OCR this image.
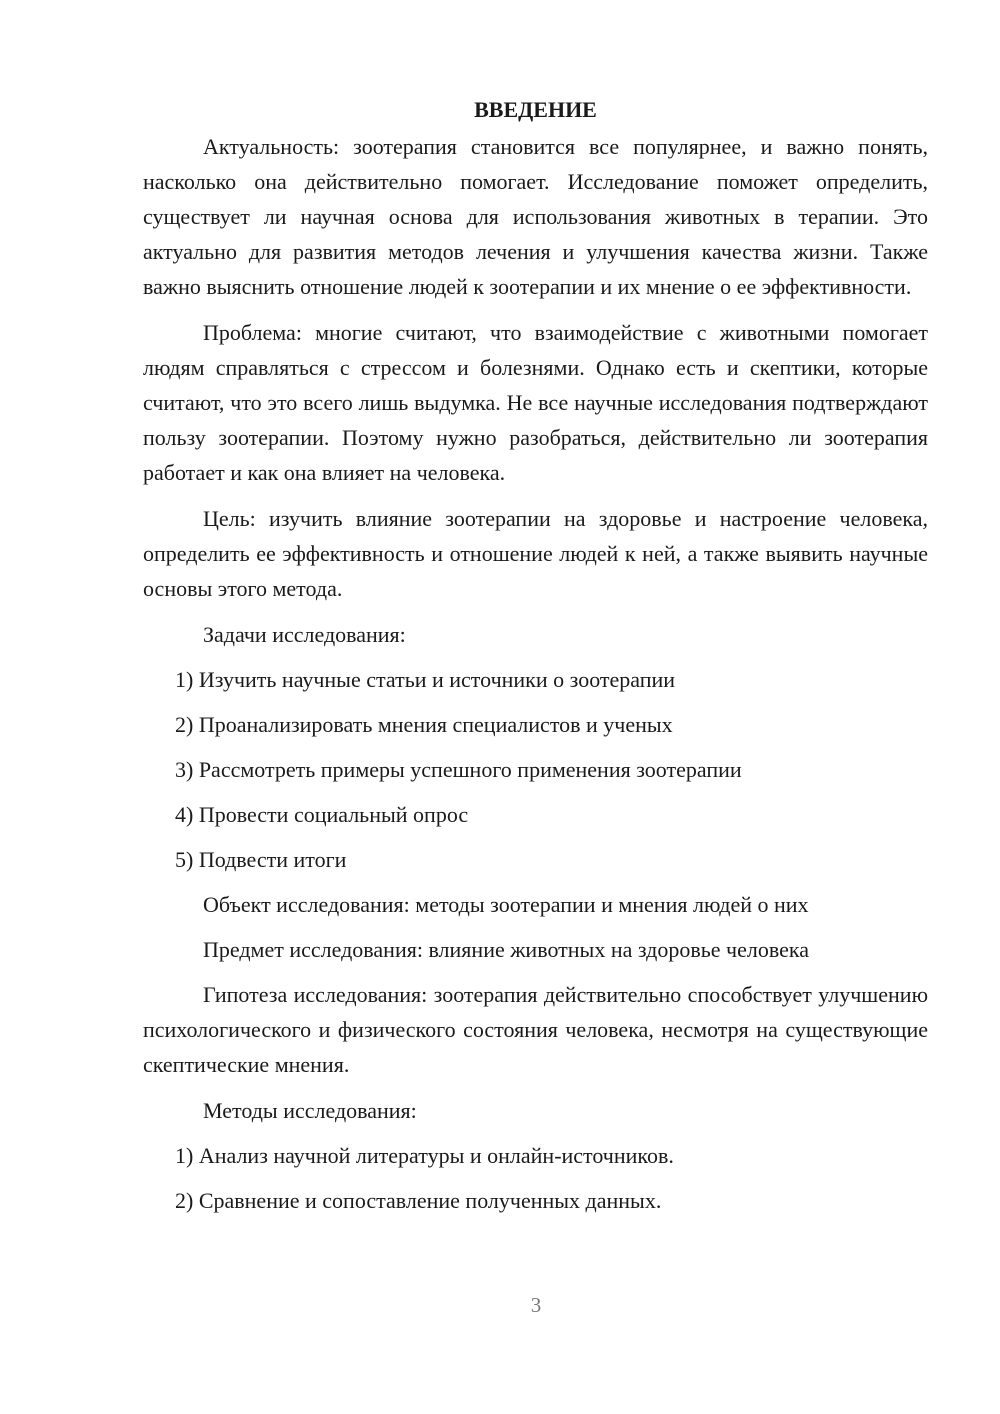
ВВЕДЕНИЕ

Актуальность: зоотерапия становится все популярнее, и важно понять, насколько она действительно помогает. Исследование поможет определить, существует ли научная основа для использования животных в терапии. Это актуально для развития методов лечения и улучшения качества жизни. Также важно выяснить отношение людей к зоотерапии и их мнение о ее эффективности.

Проблема: многие считают, что взаимодействие с животными помогает людям справляться с стрессом и болезнями. Однако есть и скептики, которые считают, что это всего лишь выдумка. Не все научные исследования подтверждают пользу зоотерапии. Поэтому нужно разобраться, действительно ли зоотерапия работает и как она влияет на человека.

Цель: изучить влияние зоотерапии на здоровье и настроение человека, определить ее эффективность и отношение людей к ней, а также выявить научные основы этого метода.

Задачи исследования:
1) Изучить научные статьи и источники о зоотерапии
2) Проанализировать мнения специалистов и ученых
3) Рассмотреть примеры успешного применения зоотерапии
4) Провести социальный опрос
5) Подвести итоги
Объект исследования: методы зоотерапии и мнения людей о них
Предмет исследования: влияние животных на здоровье человека

Гипотеза исследования: зоотерапия действительно способствует улучшению психологического и физического состояния человека, несмотря на существующие скептические мнения.

Методы исследования:
1) Анализ научной литературы и онлайн-источников.
2) Сравнение и сопоставление полученных данных.
3
